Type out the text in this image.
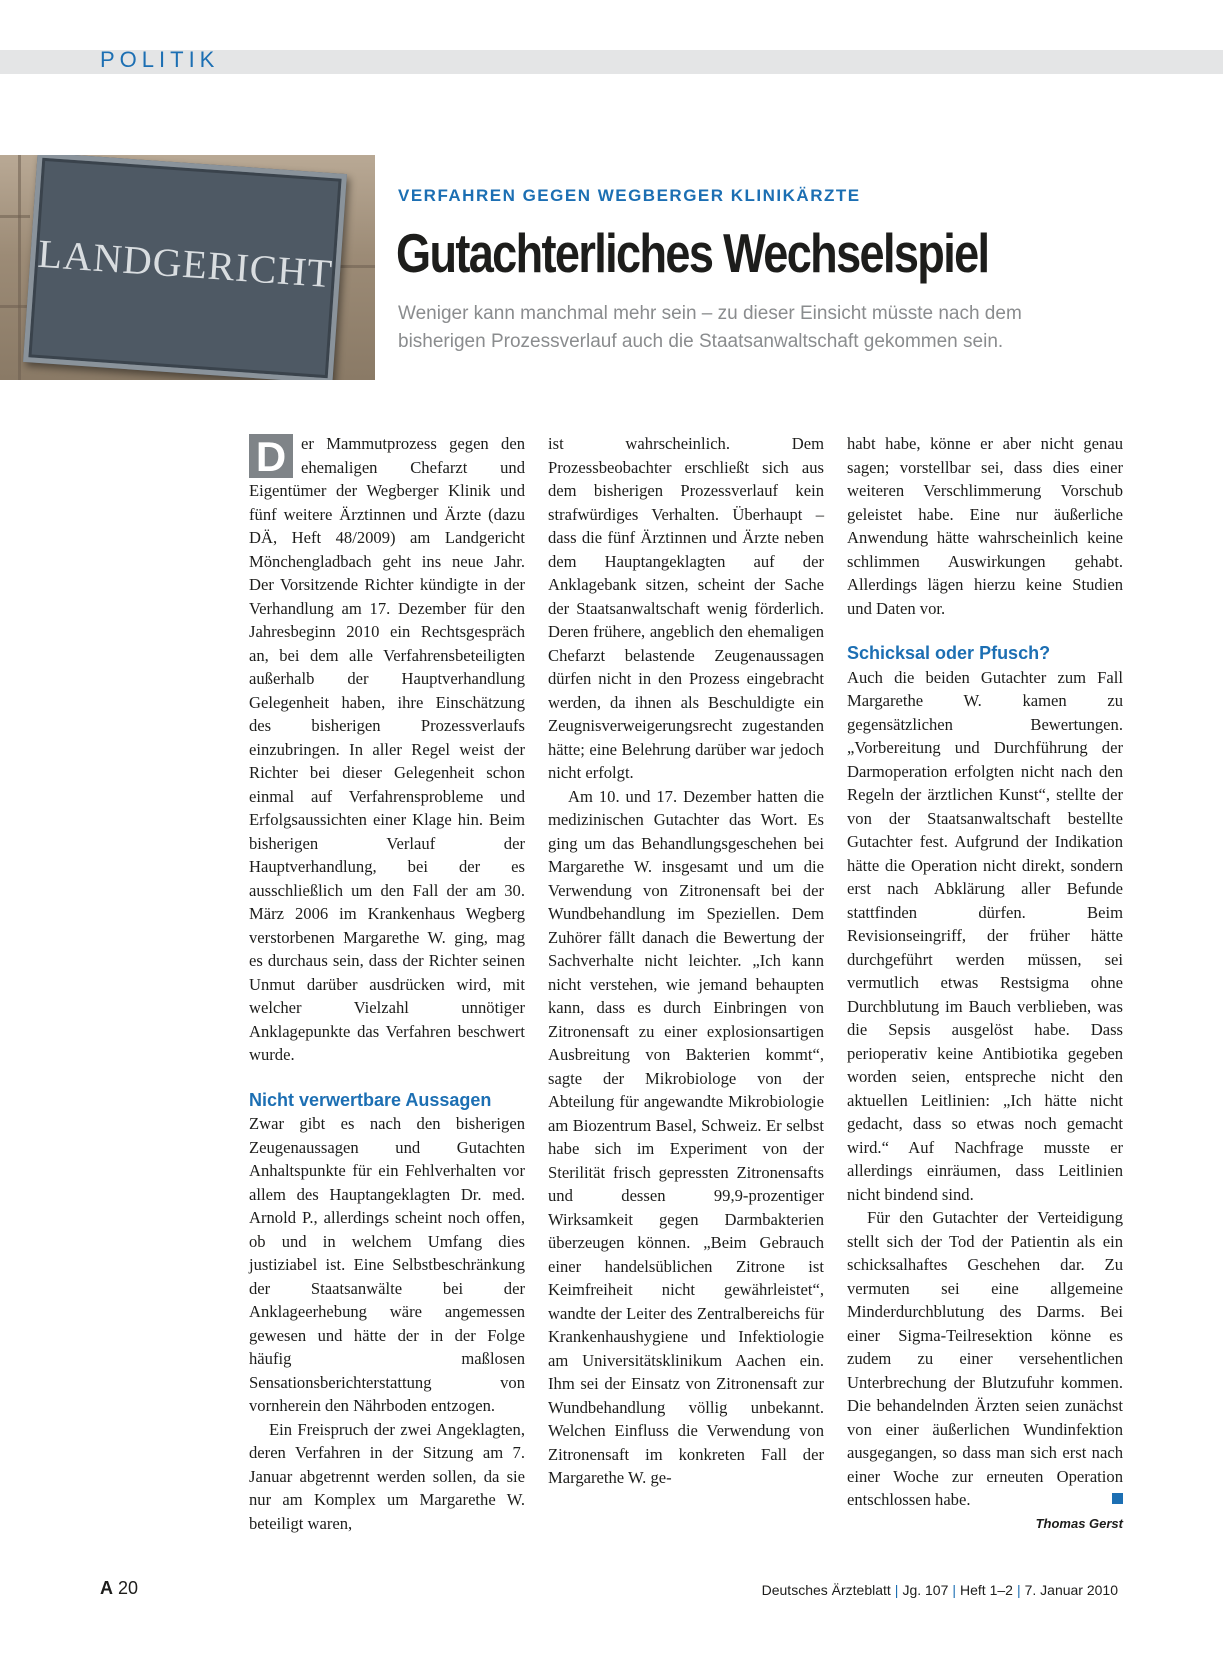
POLITIK
LANDGERICHT
VERFAHREN GEGEN WEGBERGER KLINIKÄRZTE
Gutachterliches Wechselspiel

Weniger kann manchmal mehr sein – zu dieser Einsicht müsste nach dem bisherigen Prozessverlauf auch die Staatsanwaltschaft gekommen sein.

D er Mammutprozess gegen den ehemaligen Chefarzt und Eigentümer der Wegberger Klinik und fünf weitere Ärztinnen und Ärzte (dazu DÄ, Heft 48/2009) am Landgericht Mönchengladbach geht ins neue Jahr. Der Vorsitzende Richter kündigte in der Verhandlung am 17. Dezember für den Jahresbeginn 2010 ein Rechtsgespräch an, bei dem alle Verfahrensbeteiligten außerhalb der Hauptverhandlung Gelegenheit haben, ihre Einschätzung des bisherigen Prozessverlaufs einzubringen. In aller Regel weist der Richter bei dieser Gelegenheit schon einmal auf Verfahrensprobleme und Erfolgsaussichten einer Klage hin. Beim bisherigen Verlauf der Hauptverhandlung, bei der es ausschließlich um den Fall der am 30. März 2006 im Krankenhaus Wegberg verstorbenen Margarethe W. ging, mag es durchaus sein, dass der Richter seinen Unmut darüber ausdrücken wird, mit welcher Vielzahl unnötiger Anklagepunkte das Verfahren beschwert wurde.

Nicht verwertbare Aussagen

Zwar gibt es nach den bisherigen Zeugenaussagen und Gutachten Anhaltspunkte für ein Fehlverhalten vor allem des Hauptangeklagten Dr. med. Arnold P., allerdings scheint noch offen, ob und in welchem Umfang dies justiziabel ist. Eine Selbstbeschränkung der Staatsanwälte bei der Anklageerhebung wäre angemessen gewesen und hätte der in der Folge häufig maßlosen Sensationsberichterstattung von vornherein den Nährboden entzogen.

Ein Freispruch der zwei Angeklagten, deren Verfahren in der Sitzung am 7. Januar abgetrennt werden sollen, da sie nur am Komplex um Margarethe W. beteiligt waren,

ist wahrscheinlich. Dem Prozessbeobachter erschließt sich aus dem bisherigen Prozessverlauf kein strafwürdiges Verhalten. Überhaupt – dass die fünf Ärztinnen und Ärzte neben dem Hauptangeklagten auf der Anklagebank sitzen, scheint der Sache der Staatsanwaltschaft wenig förderlich. Deren frühere, angeblich den ehemaligen Chefarzt belastende Zeugenaussagen dürfen nicht in den Prozess eingebracht werden, da ihnen als Beschuldigte ein Zeugnisverweigerungsrecht zugestanden hätte; eine Belehrung darüber war jedoch nicht erfolgt.

Am 10. und 17. Dezember hatten die medizinischen Gutachter das Wort. Es ging um das Behandlungsgeschehen bei Margarethe W. insgesamt und um die Verwendung von Zitronensaft bei der Wundbehandlung im Speziellen. Dem Zuhörer fällt danach die Bewertung der Sachverhalte nicht leichter. „Ich kann nicht verstehen, wie jemand behaupten kann, dass es durch Einbringen von Zitronensaft zu einer explosionsartigen Ausbreitung von Bakterien kommt“, sagte der Mikrobiologe von der Abteilung für angewandte Mikrobiologie am Biozentrum Basel, Schweiz. Er selbst habe sich im Experiment von der Sterilität frisch gepressten Zitronensafts und dessen 99,9-prozentiger Wirksamkeit gegen Darmbakterien überzeugen können. „Beim Gebrauch einer handelsüblichen Zitrone ist Keimfreiheit nicht gewährleistet“, wandte der Leiter des Zentralbereichs für Krankenhaushygiene und Infektiologie am Universitätsklinikum Aachen ein. Ihm sei der Einsatz von Zitronensaft zur Wundbehandlung völlig unbekannt. Welchen Einfluss die Verwendung von Zitronensaft im konkreten Fall der Margarethe W. ge-

habt habe, könne er aber nicht genau sagen; vorstellbar sei, dass dies einer weiteren Verschlimmerung Vorschub geleistet habe. Eine nur äußerliche Anwendung hätte wahrscheinlich keine schlimmen Auswirkungen gehabt. Allerdings lägen hierzu keine Studien und Daten vor.

Schicksal oder Pfusch?

Auch die beiden Gutachter zum Fall Margarethe W. kamen zu gegensätzlichen Bewertungen. „Vorbereitung und Durchführung der Darmoperation erfolgten nicht nach den Regeln der ärztlichen Kunst“, stellte der von der Staatsanwaltschaft bestellte Gutachter fest. Aufgrund der Indikation hätte die Operation nicht direkt, sondern erst nach Abklärung aller Befunde stattfinden dürfen. Beim Revisionseingriff, der früher hätte durchgeführt werden müssen, sei vermutlich etwas Restsigma ohne Durchblutung im Bauch verblieben, was die Sepsis ausgelöst habe. Dass perioperativ keine Antibiotika gegeben worden seien, entspreche nicht den aktuellen Leitlinien: „Ich hätte nicht gedacht, dass so etwas noch gemacht wird.“ Auf Nachfrage musste er allerdings einräumen, dass Leitlinien nicht bindend sind.

Für den Gutachter der Verteidigung stellt sich der Tod der Patientin als ein schicksalhaftes Geschehen dar. Zu vermuten sei eine allgemeine Minderdurchblutung des Darms. Bei einer Sigma-Teilresektion könne es zudem zu einer versehentlichen Unterbrechung der Blutzufuhr kommen. Die behandelnden Ärzten seien zunächst von einer äußerlichen Wundinfektion ausgegangen, so dass man sich erst nach einer Woche zur erneuten Operation entschlossen habe.

Thomas Gerst

A 20	Deutsches Ärzteblatt | Jg. 107 | Heft 1–2 | 7. Januar 2010
